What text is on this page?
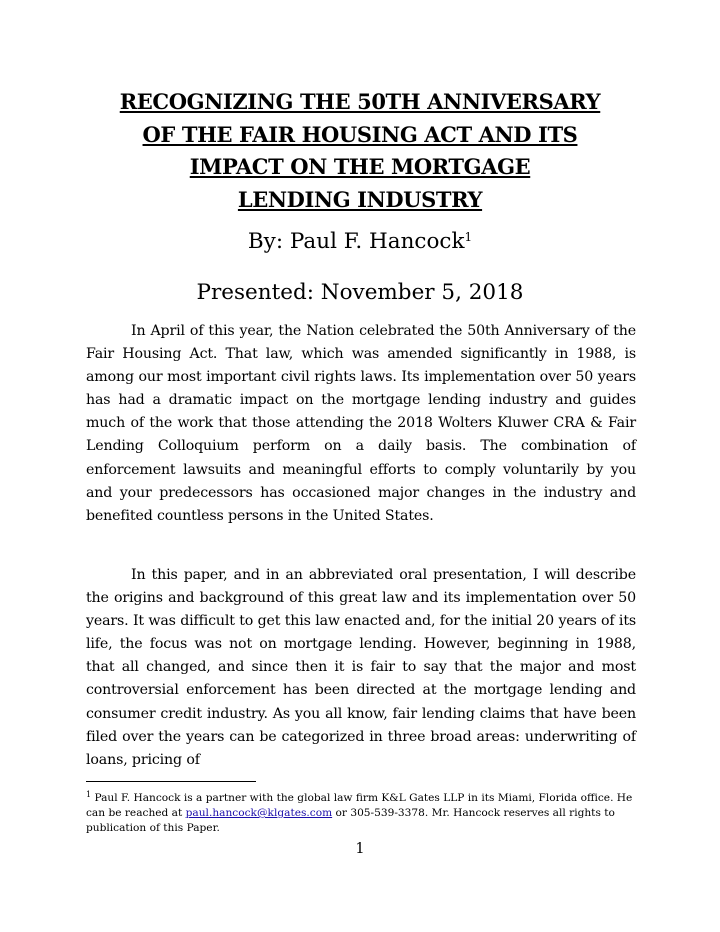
RECOGNIZING THE 50TH ANNIVERSARY
OF THE FAIR HOUSING ACT AND ITS
IMPACT ON THE MORTGAGE
LENDING INDUSTRY
By: Paul F. Hancock$^1$
Presented: November 5, 2018

In April of this year, the Nation celebrated the 50th Anniversary of the Fair Housing Act. That law, which was amended significantly in 1988, is among our most important civil rights laws. Its implementation over 50 years has had a dramatic impact on the mortgage lending industry and guides much of the work that those attending the 2018 Wolters Kluwer CRA & Fair Lending Colloquium perform on a daily basis. The combination of enforcement lawsuits and meaningful efforts to comply voluntarily by you and your predecessors has occasioned major changes in the industry and benefited countless persons in the United States.

In this paper, and in an abbreviated oral presentation, I will describe the origins and background of this great law and its implementation over 50 years. It was difficult to get this law enacted and, for the initial 20 years of its life, the focus was not on mortgage lending. However, beginning in 1988, that all changed, and since then it is fair to say that the major and most controversial enforcement has been directed at the mortgage lending and consumer credit industry. As you all know, fair lending claims that have been filed over the years can be categorized in three broad areas: underwriting of loans, pricing of

$^1$ Paul F. Hancock is a partner with the global law firm K&L Gates LLP in its Miami, Florida office. He can be reached at paul.hancock@klgates.com or 305-539-3378. Mr. Hancock reserves all rights to publication of this Paper.

1
